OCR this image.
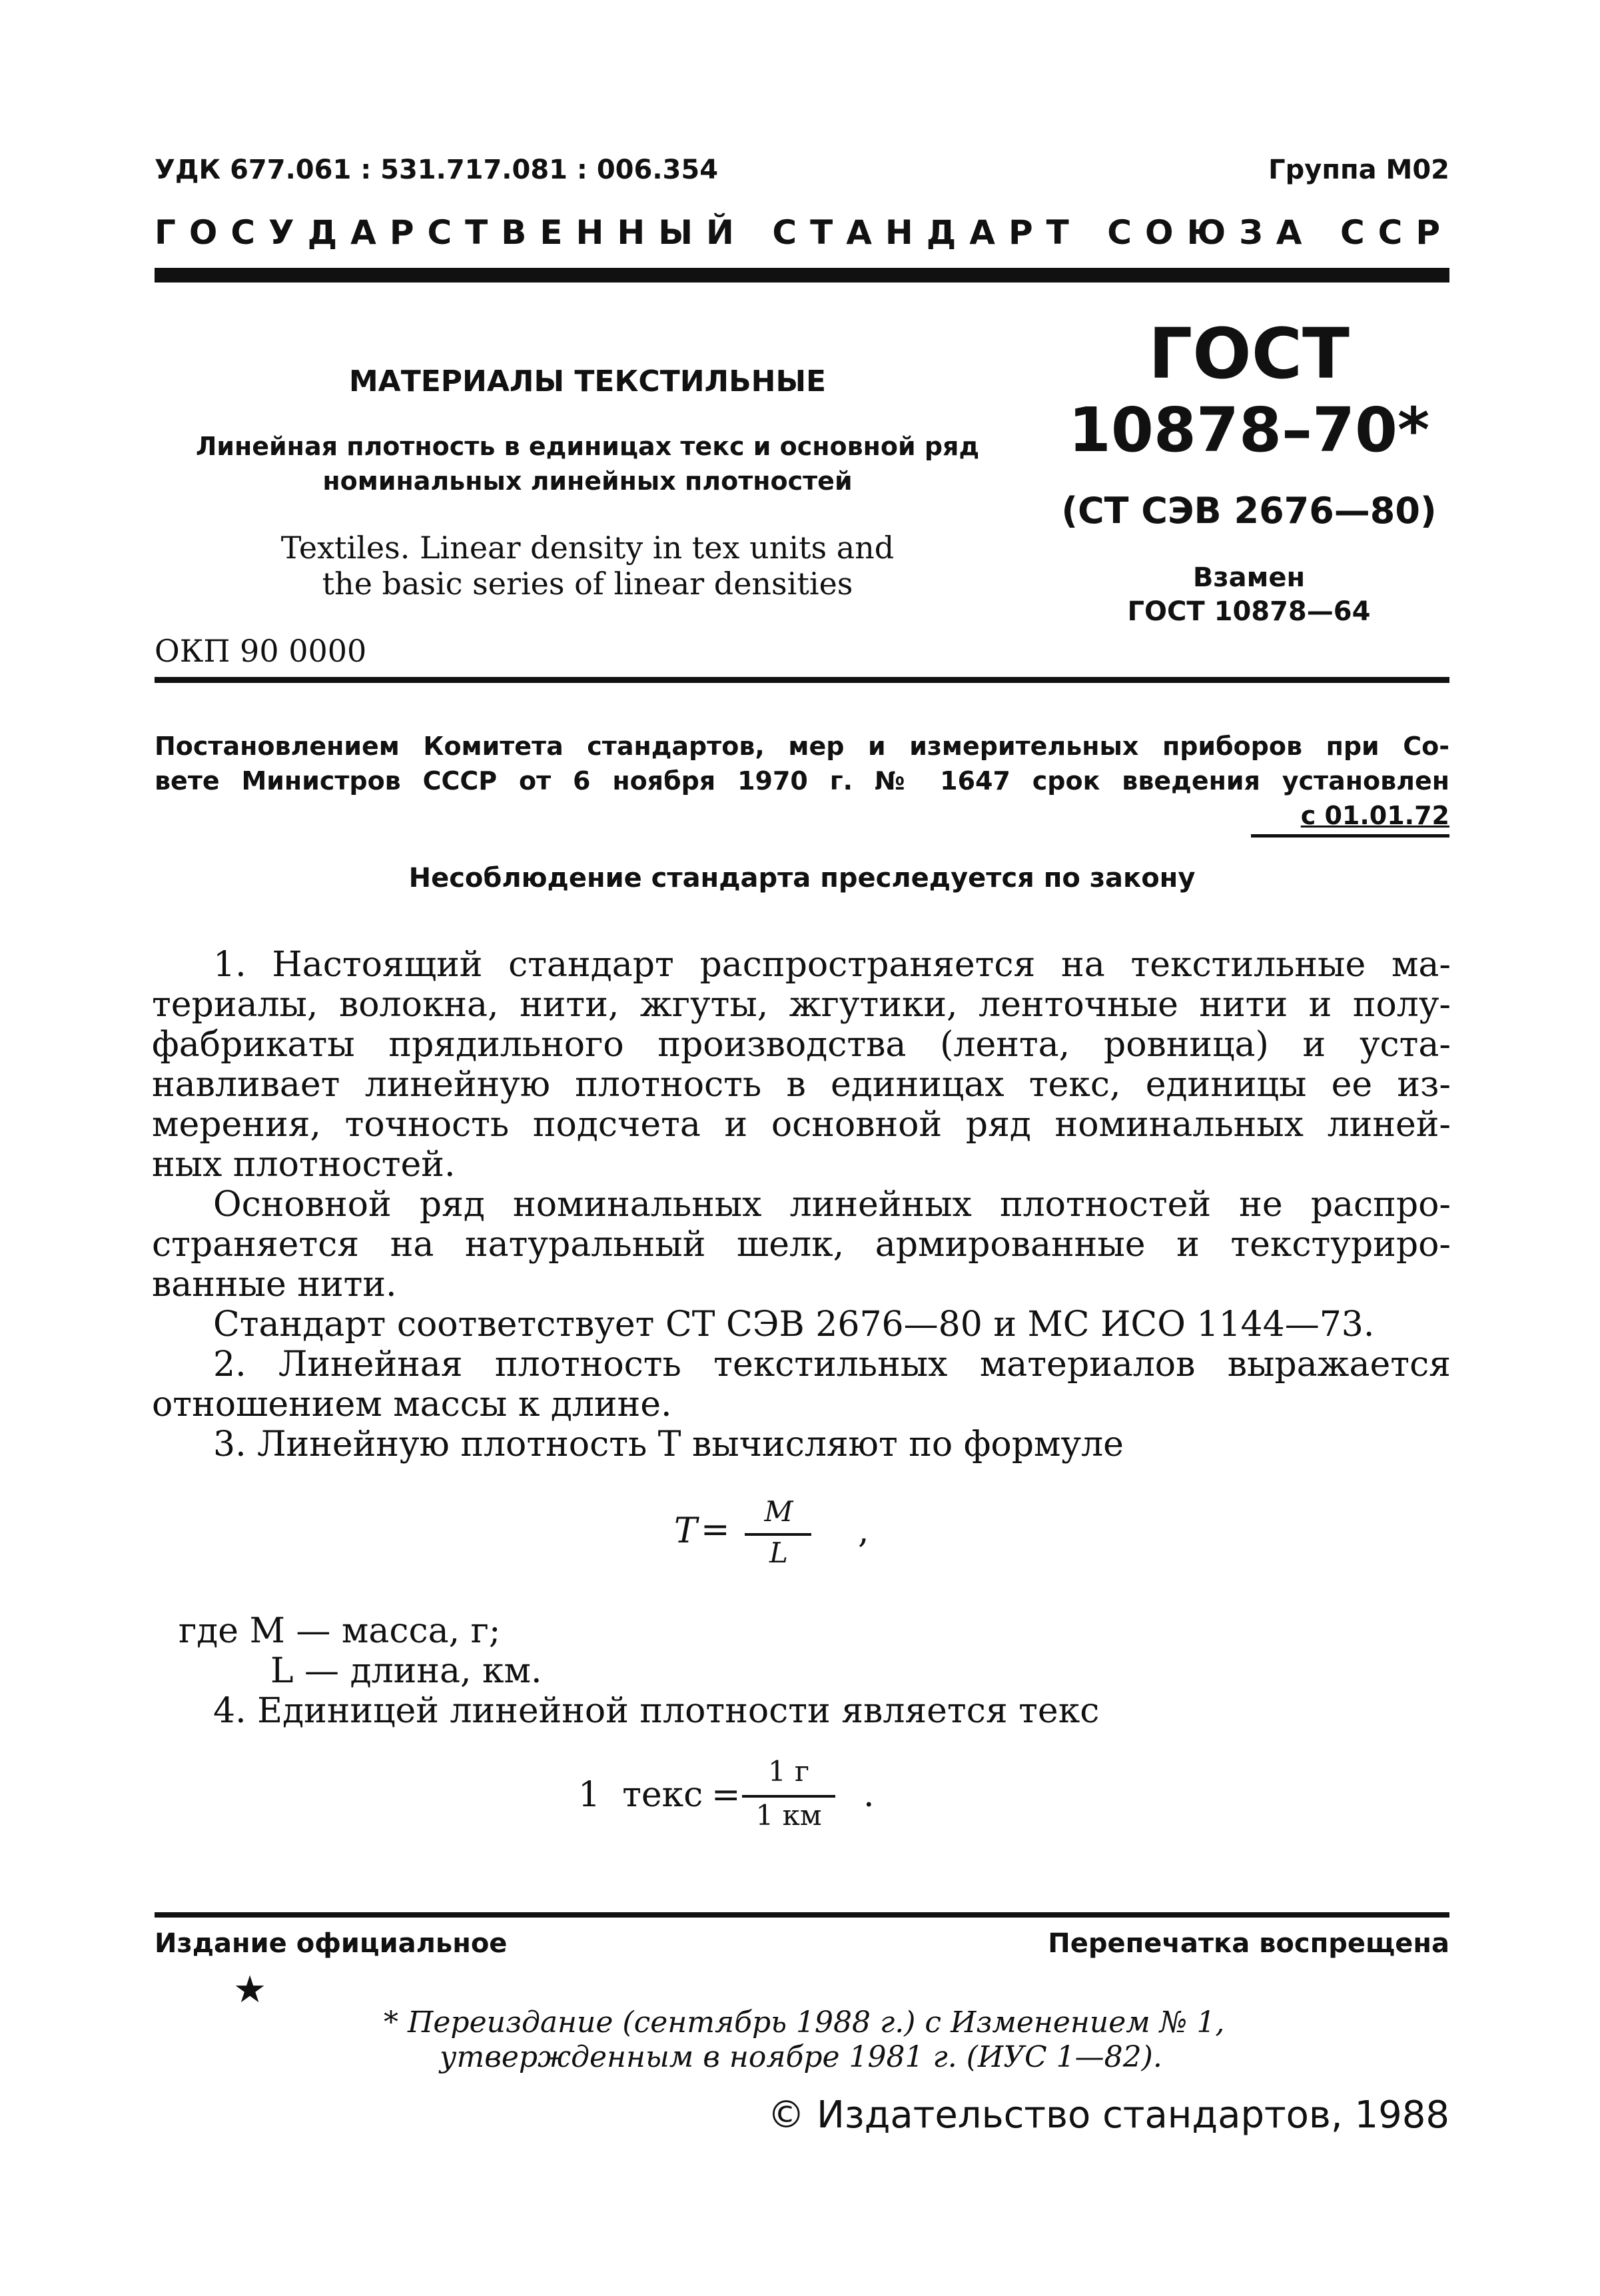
УДК 677.061 : 531.717.081 : 006.354	Группа М02
ГОСУДАРСТВЕННЫЙ СТАНДАРТ СОЮЗА ССР
МАТЕРИАЛЫ ТЕКСТИЛЬНЫЕ
Линейная плотность в единицах текс и основной ряд
номинальных линейных плотностей
Textiles. Linear density in tex units and
the basic series of linear densities
ОКП 90 0000
ГОСТ
10878–70*
(СТ СЭВ 2676—80)
Взамен
ГОСТ 10878—64
Постановлением Комитета стандартов, мер и измерительных приборов при Со-
вете Министров СССР от 6 ноября 1970 г. № 1647 срок введения установлен
с 01.01.72
Несоблюдение стандарта преследуется по закону
1. Настоящий стандарт распространяется на текстильные ма-
териалы, волокна, нити, жгуты, жгутики, ленточные нити и полу-
фабрикаты прядильного производства (лента, ровница) и уста-
навливает линейную плотность в единицах текс, единицы ее из-
мерения, точность подсчета и основной ряд номинальных линей-
ных плотностей.
Основной ряд номинальных линейных плотностей не распро-
страняется на натуральный шелк, армированные и текстуриро-
ванные нити.
Стандарт соответствует СТ СЭВ 2676—80 и МС ИСО 1144—73.
2. Линейная плотность текстильных материалов выражается
отношением массы к длине.
3. Линейную плотность T вычисляют по формуле
T =	M
L
,
где M — масса, г;
L — длина, км.
4. Единицей линейной плотности является текс
1  текс =
1 г
1 км
.
Издание официальное	Перепечатка воспрещена
★
* Переиздание (сентябрь 1988 г.) с Изменением № 1,
утвержденным в ноябре 1981 г. (ИУС 1—82).
© Издательство стандартов, 1988
